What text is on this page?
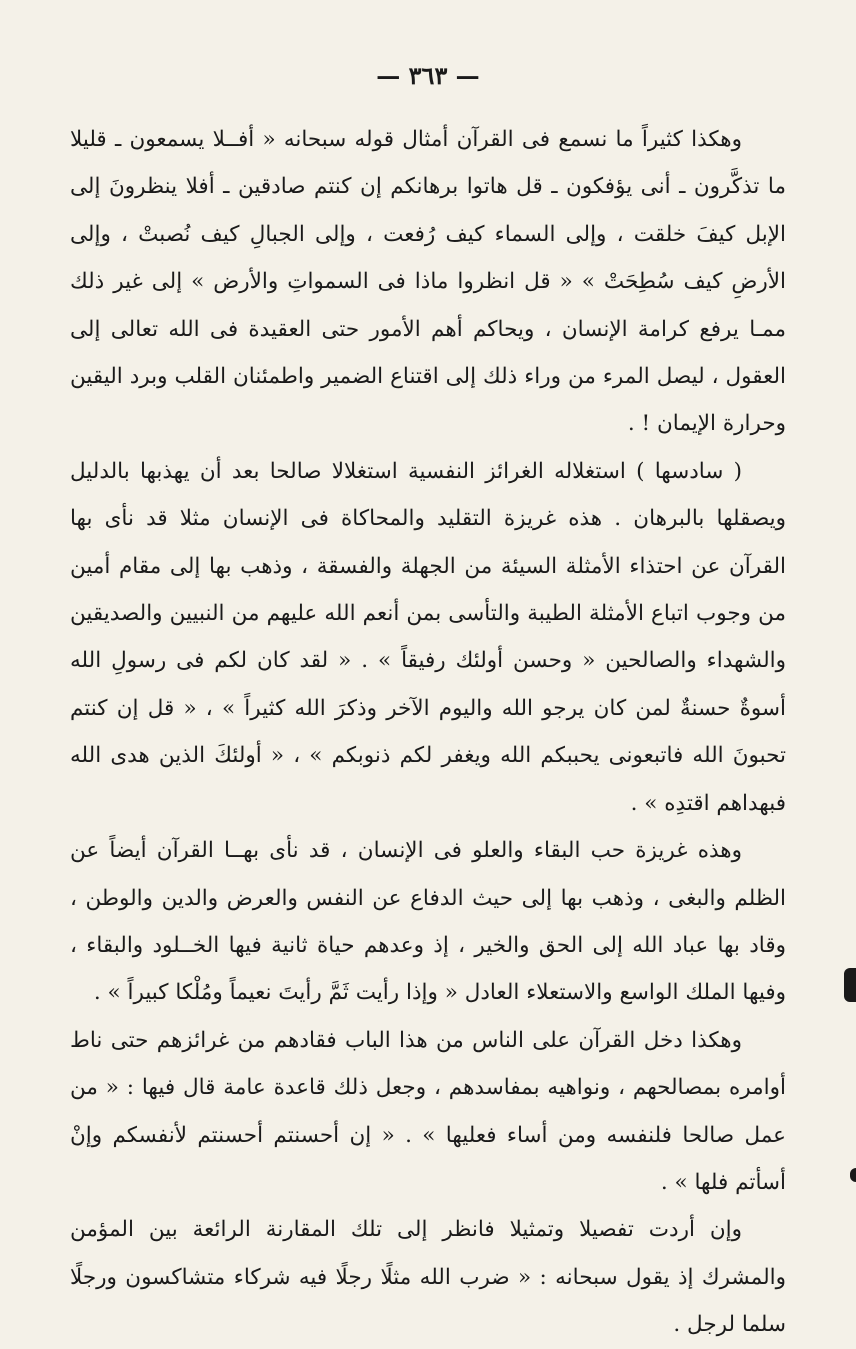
— ٣٦٣ —

وهكذا كثيراً ما نسمع فى القرآن أمثال قوله سبحانه « أفــلا يسمعون ـ قليلا ما تذكَّرون ـ أنى يؤفكون ـ قل هاتوا برهانكم إن كنتم صادقين ـ أفلا ينظرونَ إلى الإبل كيفَ خلقت ، وإلى السماء كيف رُفعت ، وإلى الجبالِ كيف نُصبتْ ، وإلى الأرضِ كيف سُطِحَتْ » « قل انظروا ماذا فى السمواتِ والأرض » إلى غير ذلك ممـا يرفع كرامة الإنسان ، ويحاكم أهم الأمور حتى العقيدة فى الله تعالى إلى العقول ، ليصل المرء من وراء ذلك إلى اقتناع الضمير واطمئنان القلب وبرد اليقين وحرارة الإيمان ! .

( سادسها ) استغلاله الغرائز النفسية استغلالا صالحا بعد أن يهذبها بالدليل ويصقلها بالبرهان . هذه غريزة التقليد والمحاكاة فى الإنسان مثلا قد نأى بها القرآن عن احتذاء الأمثلة السيئة من الجهلة والفسقة ، وذهب بها إلى مقام أمين من وجوب اتباع الأمثلة الطيبة والتأسى بمن أنعم الله عليهم من النبيين والصديقين والشهداء والصالحين « وحسن أولئك رفيقاً » . « لقد كان لكم فى رسولِ الله أسوةٌ حسنةٌ لمن كان يرجو الله واليوم الآخر وذكرَ الله كثيراً » ، « قل إن كنتم تحبونَ الله فاتبعونى يحببكم الله ويغفر لكم ذنوبكم » ، « أولئكَ الذين هدى الله فبهداهم اقتدِه » .

وهذه غريزة حب البقاء والعلو فى الإنسان ، قد نأى بهــا القرآن أيضاً عن الظلم والبغى ، وذهب بها إلى حيث الدفاع عن النفس والعرض والدين والوطن ، وقاد بها عباد الله إلى الحق والخير ، إذ وعدهم حياة ثانية فيها الخــلود والبقاء ، وفيها الملك الواسع والاستعلاء العادل « وإذا رأيت ثَمَّ رأيتَ نعيماً ومُلْكا كبيراً » .

وهكذا دخل القرآن على الناس من هذا الباب فقادهم من غرائزهم حتى ناط أوامره بمصالحهم ، ونواهيه بمفاسدهم ، وجعل ذلك قاعدة عامة قال فيها : « من عمل صالحا فلنفسه ومن أساء فعليها » . « إن أحسنتم أحسنتم لأنفسكم وإنْ أسأتم فلها » .

وإن أردت تفصيلا وتمثيلا فانظر إلى تلك المقارنة الرائعة بين المؤمن والمشرك إذ يقول سبحانه : « ضرب الله مثلًا رجلًا فيه شركاء متشاكسون ورجلًا سلما لرجل .
